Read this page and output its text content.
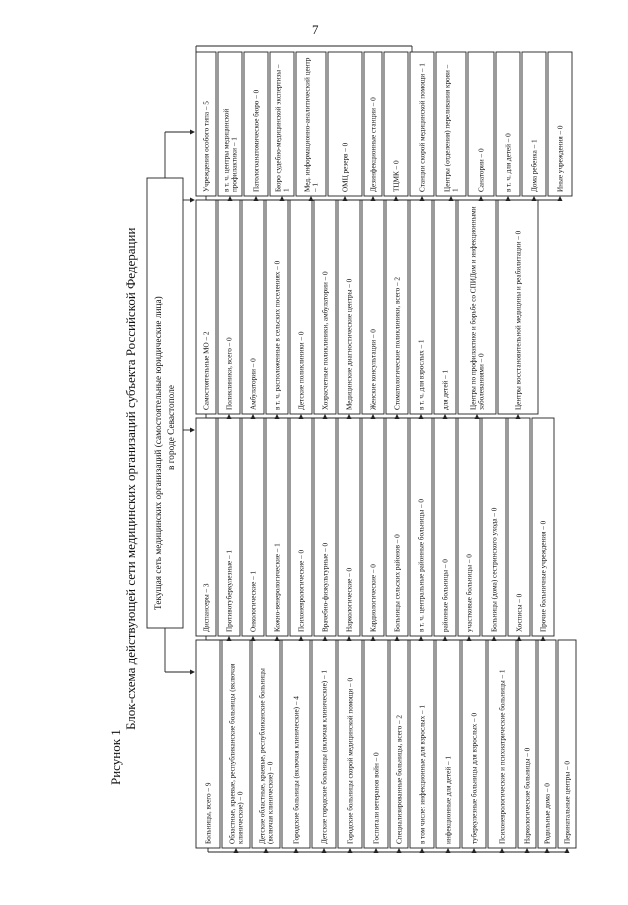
7
Рисунок 1
Блок-схема действующей сети медицинских организаций субъекта Российской Федерации Текущая сеть медицинских организаций (самостоятельные юридические лица) в городе Севастополе
Больницы, всего – 9 Областные, краевые, республиканские больницы (включая клинические) – 0 Детские областные, краевые, республиканские больницы (включая клинические) – 0 Городские больницы (включая клинические) – 4	Детские городские больницы (включая клинические) – 1	Городские больницы скорой медицинской помощи – 0	Госпитали ветеранов войн – 0 Специализированные больницы, всего – 2 в том числе: инфекционные для взрослых – 1	инфекционные для детей – 1	туберкулезные больницы для взрослых – 0	Психоневрологические и психиатрические больницы – 1 Наркологические больницы – 0 Родильные дома – 0 Перинатальные центры – 0
Диспансеры – 3 Противотуберкулезные – 1 Онкологические – 1 Кожно-венерологические – 1 Психоневрологические – 0 Врачебно-физкультурные – 0 Наркологические – 0 Кардиологические – 0 Больницы сельских районов – 0 в т. ч. центральные районные больницы – 0 районные больницы – 0 участковые больницы – 0 Больницы (дома) сестринского ухода – 0 Хосписы – 0 Прочие больничные учреждения – 0
Самостоятельные МО – 2 Поликлиники, всего – 0 Амбулатории – 0 в т. ч. расположенные в сельских поселениях – 0 Детские поликлиники – 0 Хозрасчетные поликлиники, амбулатории – 0 Медицинские диагностические центры – 0 Женские консультации – 0 Стоматологические поликлиники, всего – 2 в т. ч. для взрослых – 1 для детей – 1	Центры по профилактике и борьбе со СПИДом и инфекционными заболеваниями – 0	Центры восстановительной медицины и реабилитации – 0
Учреждения особого типа – 5 в т. ч. центры медицинской профилактики – 1 Патологоанатомическое бюро – 0 Бюро судебно-медицинской экспертизы – 1 Мед. информационно-аналитический центр – 1	ОМЦ резерв – 0	Дезинфекционные станции – 0 ТЦМК – 0	Станции скорой медицинской помощи – 1 Центры (отделения) переливания крови – 1 Санатории – 0	в т. ч. для детей – 0	Дома ребенка – 1	Иные учреждения – 0
